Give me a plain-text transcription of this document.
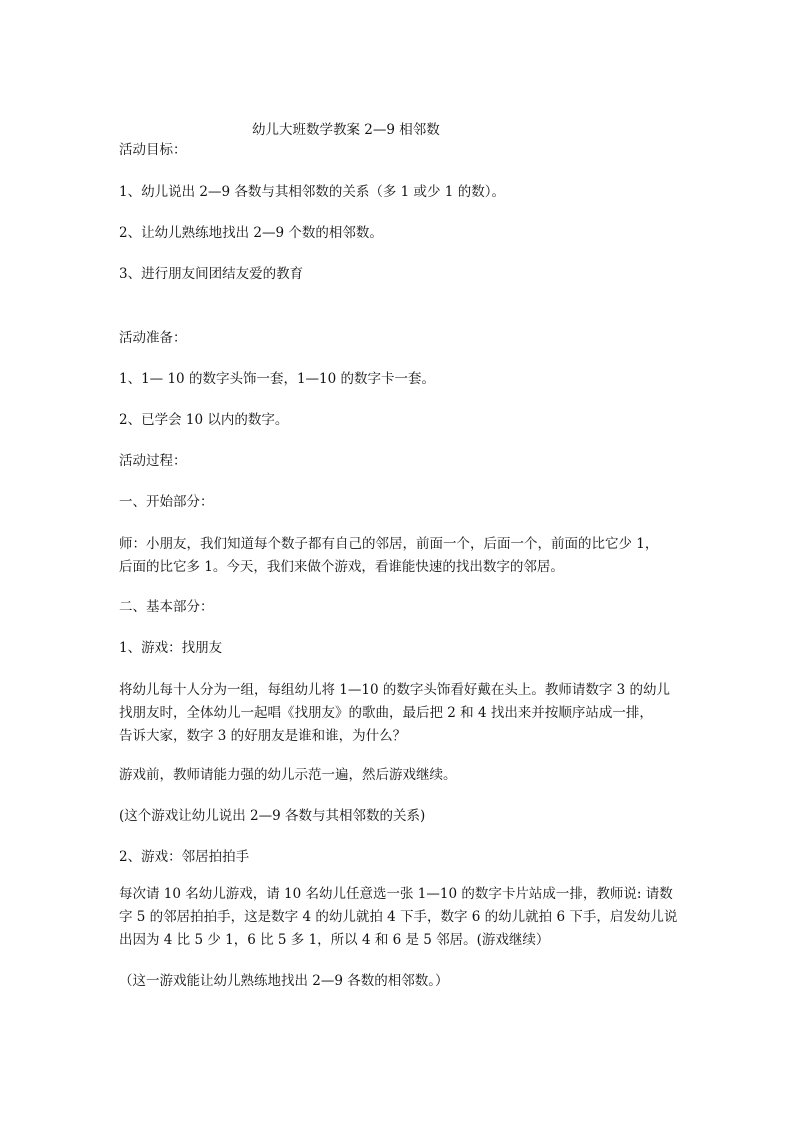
幼儿大班数学教案 2—9 相邻数
活动目标：
1、幼儿说出 2—9 各数与其相邻数的关系（多 1 或少 1 的数）。
2、让幼儿熟练地找出 2—9 个数的相邻数。
3、进行朋友间团结友爱的教育
活动准备：
1、1— 10 的数字头饰一套，1—10 的数字卡一套。
2、已学会 10 以内的数字。
活动过程：
一、开始部分：
师：小朋友，我们知道每个数子都有自己的邻居，前面一个，后面一个，前面的比它少 1，
后面的比它多 1。今天，我们来做个游戏，看谁能快速的找出数字的邻居。
二、基本部分：
1、游戏：找朋友
将幼儿每十人分为一组，每组幼儿将 1—10 的数字头饰看好戴在头上。教师请数字 3 的幼儿
找朋友时，全体幼儿一起唱《找朋友》的歌曲，最后把 2 和 4 找出来并按顺序站成一排，
告诉大家，数字 3 的好朋友是谁和谁，为什么？
游戏前，教师请能力强的幼儿示范一遍，然后游戏继续。
(这个游戏让幼儿说出 2—9 各数与其相邻数的关系)
2、游戏：邻居拍拍手
每次请 10 名幼儿游戏，请 10 名幼儿任意选一张 1—10 的数字卡片站成一排，教师说: 请数
字 5 的邻居拍拍手，这是数字 4 的幼儿就拍 4 下手，数字 6 的幼儿就拍 6 下手，启发幼儿说
出因为 4 比 5 少 1，6 比 5 多 1，所以 4 和 6 是 5 邻居。(游戏继续）
（这一游戏能让幼儿熟练地找出 2—9 各数的相邻数。）
